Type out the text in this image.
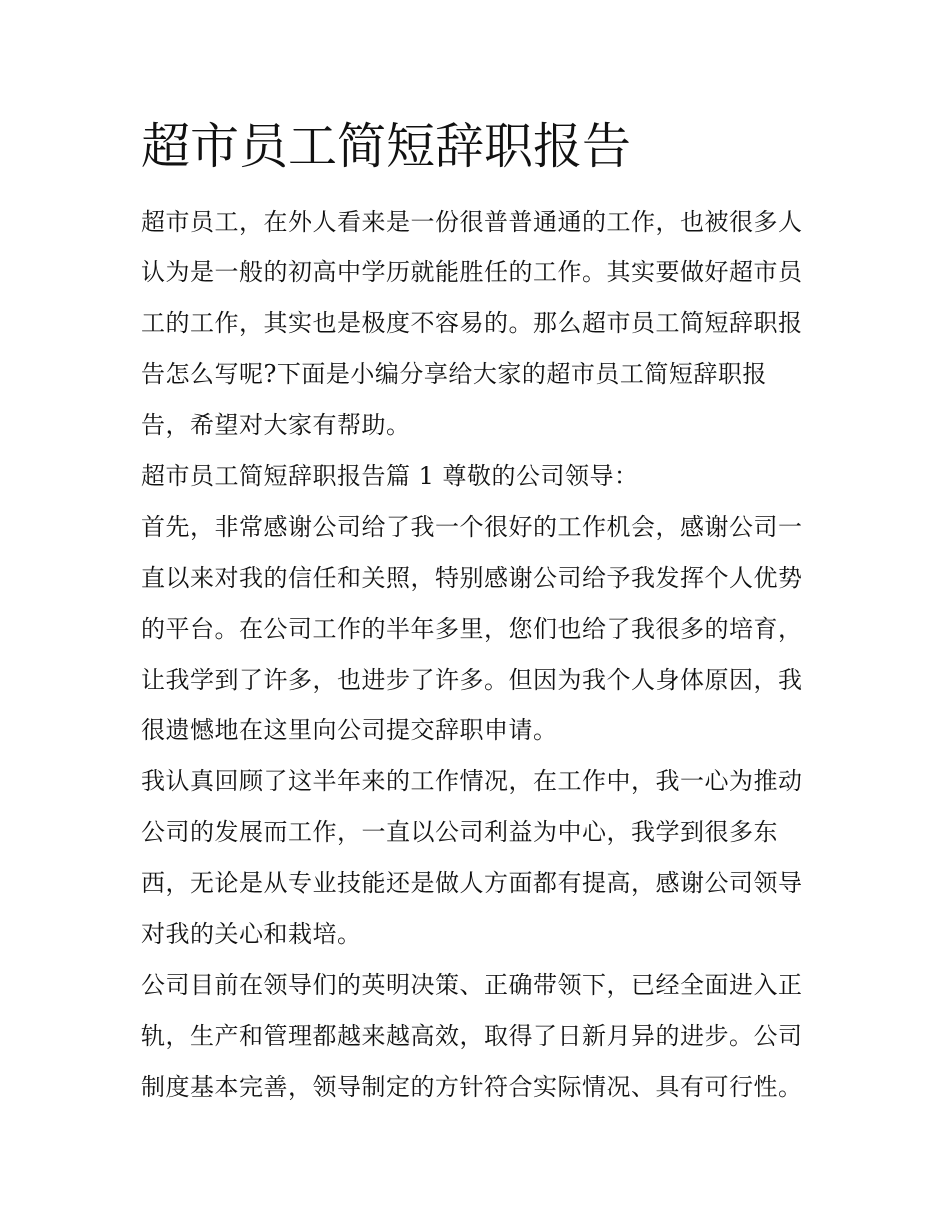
超市员工简短辞职报告

超市员工，在外人看来是一份很普普通通的工作，也被很多人

认为是一般的初高中学历就能胜任的工作。其实要做好超市员

工的工作，其实也是极度不容易的。那么超市员工简短辞职报

告怎么写呢?下面是小编分享给大家的超市员工简短辞职报

告，希望对大家有帮助。

超市员工简短辞职报告篇 1 尊敬的公司领导：

首先，非常感谢公司给了我一个很好的工作机会，感谢公司一

直以来对我的信任和关照，特别感谢公司给予我发挥个人优势

的平台。在公司工作的半年多里，您们也给了我很多的培育，

让我学到了许多，也进步了许多。但因为我个人身体原因，我

很遗憾地在这里向公司提交辞职申请。

我认真回顾了这半年来的工作情况，在工作中，我一心为推动

公司的发展而工作，一直以公司利益为中心，我学到很多东

西，无论是从专业技能还是做人方面都有提高，感谢公司领导

对我的关心和栽培。

公司目前在领导们的英明决策、正确带领下，已经全面进入正

轨，生产和管理都越来越高效，取得了日新月异的进步。公司

制度基本完善，领导制定的方针符合实际情况、具有可行性。
